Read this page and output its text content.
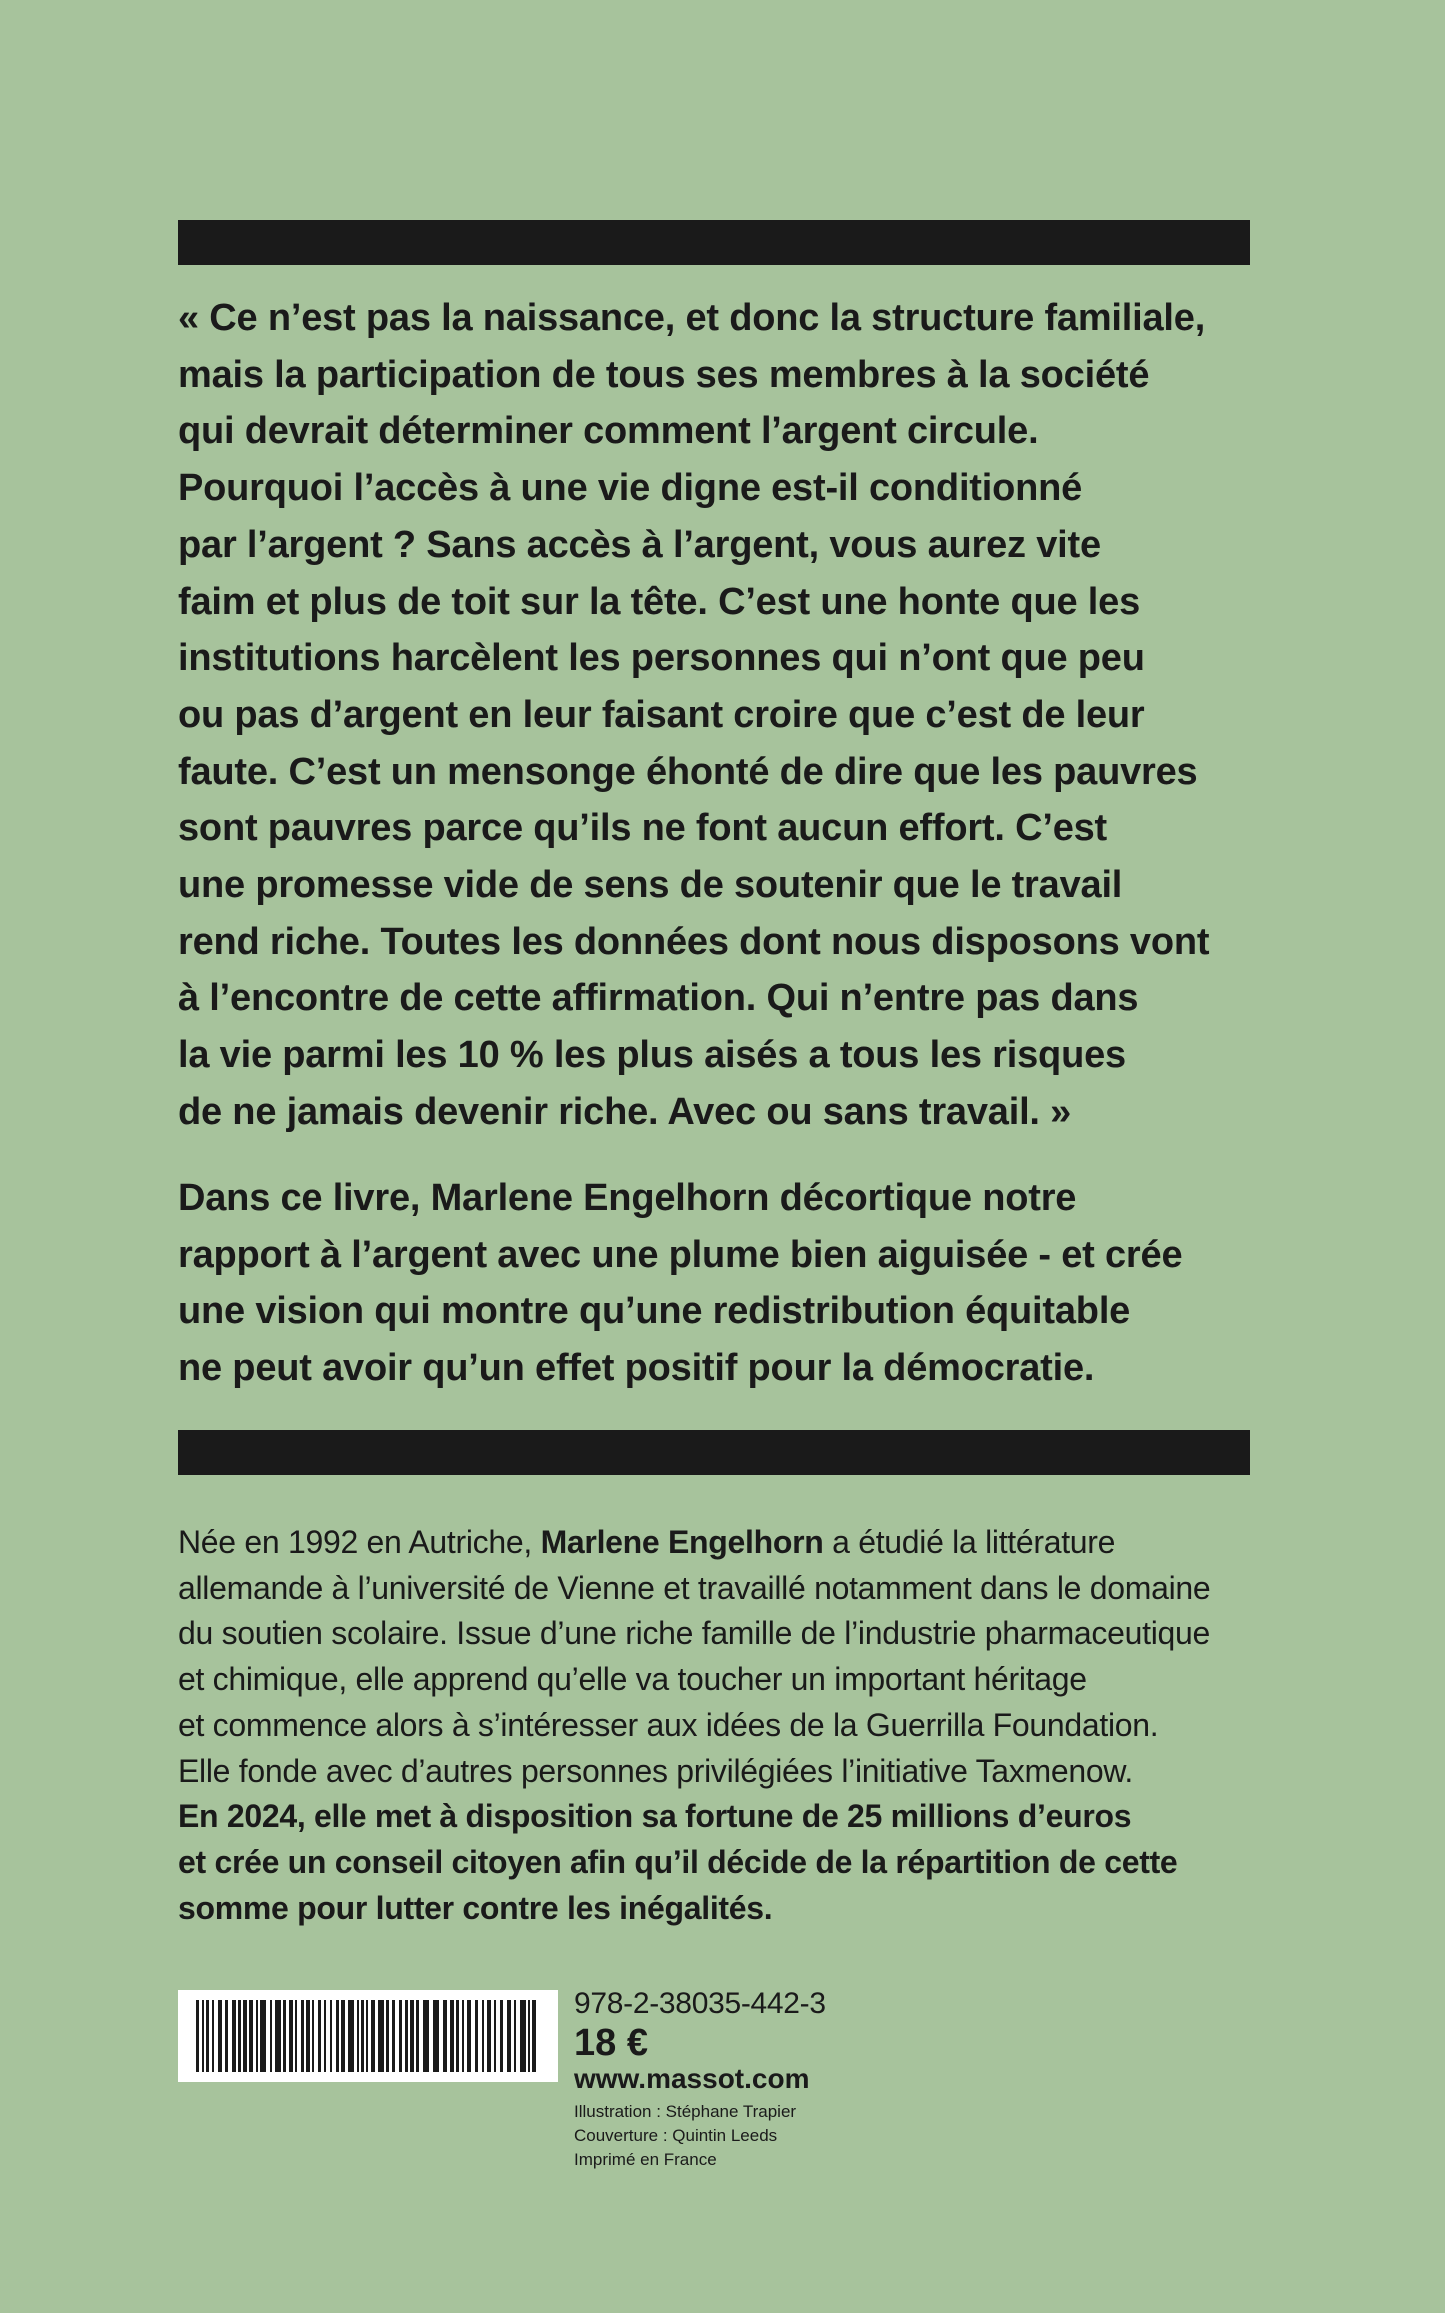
« Ce n’est pas la naissance, et donc la structure familiale,
mais la participation de tous ses membres à la société
qui devrait déterminer comment l’argent circule.
Pourquoi l’accès à une vie digne est-il conditionné
par l’argent ? Sans accès à l’argent, vous aurez vite
faim et plus de toit sur la tête. C’est une honte que les
institutions harcèlent les personnes qui n’ont que peu
ou pas d’argent en leur faisant croire que c’est de leur
faute. C’est un mensonge éhonté de dire que les pauvres
sont pauvres parce qu’ils ne font aucun effort. C’est
une promesse vide de sens de soutenir que le travail
rend riche. Toutes les données dont nous disposons vont
à l’encontre de cette affirmation. Qui n’entre pas dans
la vie parmi les 10 % les plus aisés a tous les risques
de ne jamais devenir riche. Avec ou sans travail. »

Dans ce livre, Marlene Engelhorn décortique notre
rapport à l’argent avec une plume bien aiguisée - et crée
une vision qui montre qu’une redistribution équitable
ne peut avoir qu’un effet positif pour la démocratie.

Née en 1992 en Autriche, Marlene Engelhorn a étudié la littérature
allemande à l’université de Vienne et travaillé notamment dans le domaine
du soutien scolaire. Issue d’une riche famille de l’industrie pharmaceutique
et chimique, elle apprend qu’elle va toucher un important héritage
et commence alors à s’intéresser aux idées de la Guerrilla Foundation.
Elle fonde avec d’autres personnes privilégiées l’initiative Taxmenow.
En 2024, elle met à disposition sa fortune de 25 millions d’euros
et crée un conseil citoyen afin qu’il décide de la répartition de cette
somme pour lutter contre les inégalités.

978-2-38035-442-3
18 €
www.massot.com
Illustration : Stéphane Trapier
Couverture : Quintin Leeds
Imprimé en France
